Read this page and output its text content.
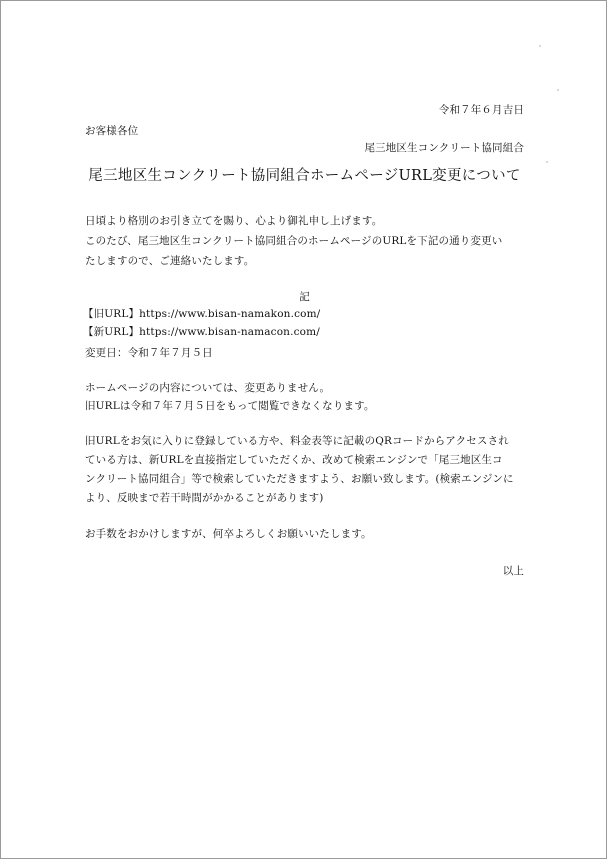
令和７年６月吉日
お客様各位
尾三地区生コンクリート協同組合
尾三地区生コンクリート協同組合ホームページURL変更について
日頃より格別のお引き立てを賜り、心より御礼申し上げます。
このたび、尾三地区生コンクリート協同組合のホームページのURLを下記の通り変更い
たしますので、ご連絡いたします。
記
【旧URL】https://www.bisan-namakon.com/
【新URL】https://www.bisan-namacon.com/
変更日：令和７年７月５日
ホームページの内容については、変更ありません。
旧URLは令和７年７月５日をもって閲覧できなくなります。
旧URLをお気に入りに登録している方や、料金表等に記載のQRコードからアクセスされ
ている方は、新URLを直接指定していただくか、改めて検索エンジンで「尾三地区生コ
ンクリート協同組合」等で検索していただきますよう、お願い致します。(検索エンジンに
より、反映まで若干時間がかかることがあります)
お手数をおかけしますが、何卒よろしくお願いいたします。
以上
